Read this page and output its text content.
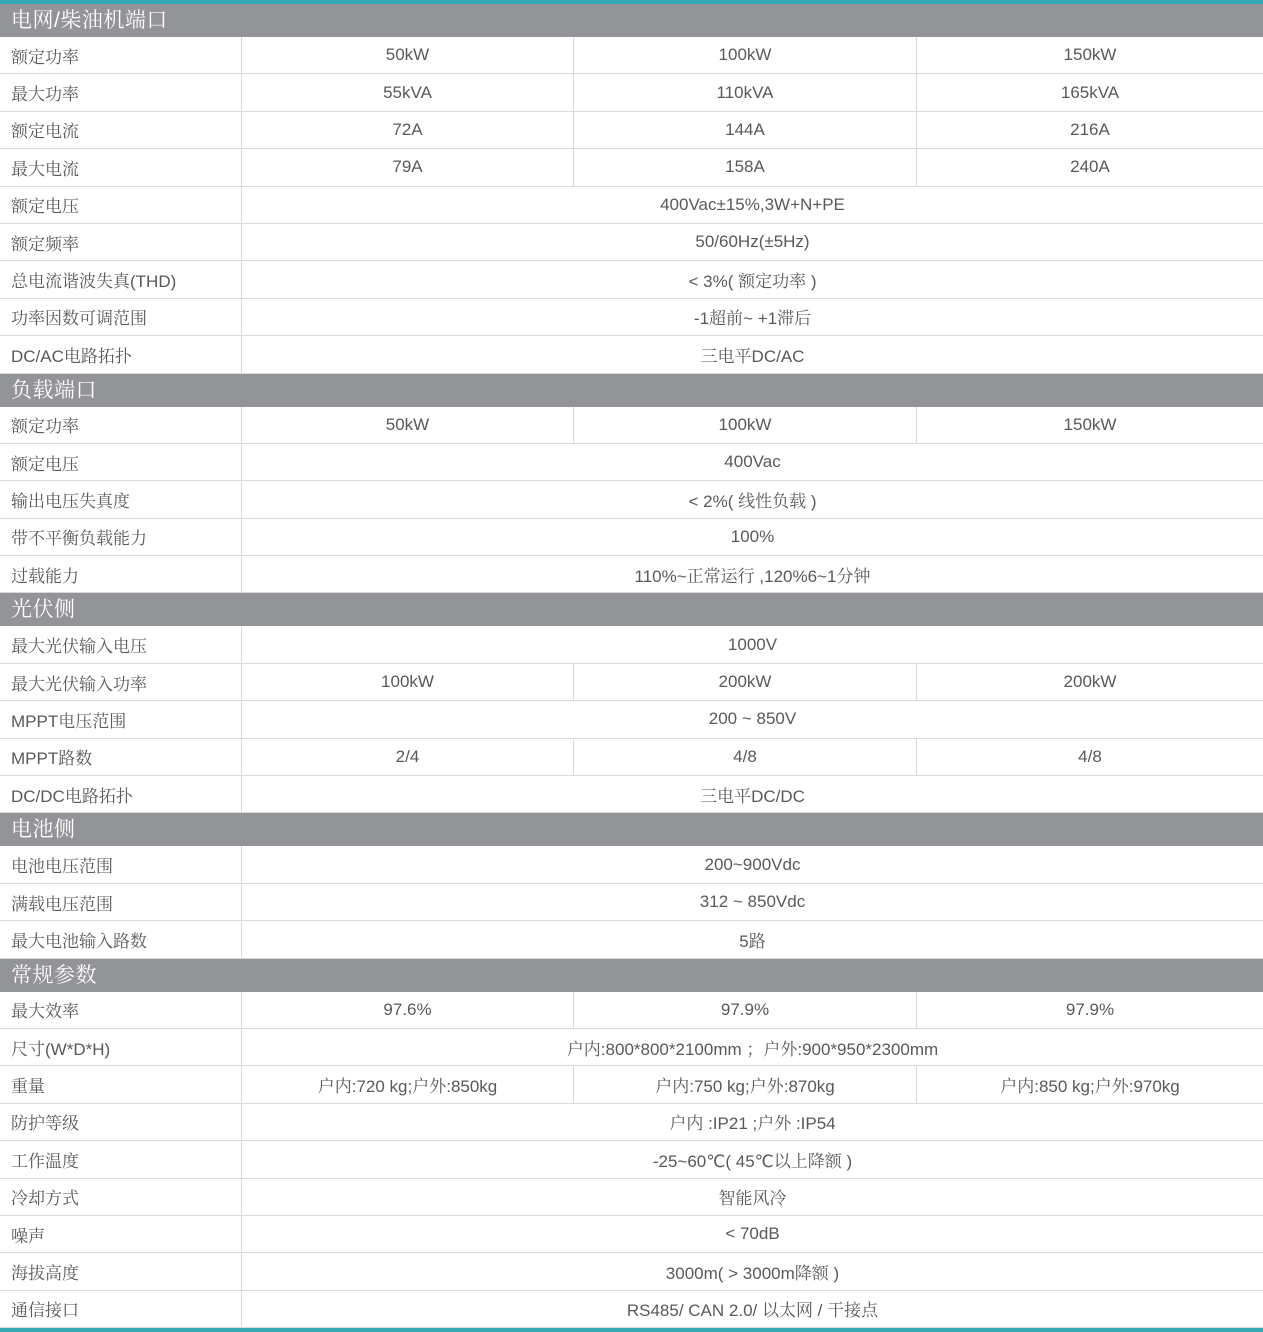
电网/柴油机端口
额定功率	50kW	100kW	150kW
最大功率	55kVA	110kVA	165kVA
额定电流	72A	144A	216A
最大电流	79A	158A	240A
额定电压	400Vac±15%,3W+N+PE
额定频率	50/60Hz(±5Hz)
总电流谐波失真(THD)	< 3%( 额定功率 )
功率因数可调范围	-1超前~ +1滞后
DC/AC电路拓扑	三电平DC/AC
负载端口
额定功率	50kW	100kW	150kW
额定电压	400Vac
输出电压失真度	< 2%( 线性负载 )
带不平衡负载能力	100%
过载能力	110%~正常运行 ,120%6~1分钟
光伏侧
最大光伏输入电压	1000V
最大光伏输入功率	100kW	200kW	200kW
MPPT电压范围	200 ~ 850V
MPPT路数	2/4	4/8	4/8
DC/DC电路拓扑	三电平DC/DC
电池侧
电池电压范围	200~900Vdc
满载电压范围	312 ~ 850Vdc
最大电池输入路数	5路
常规参数
最大效率	97.6%	97.9%	97.9%
尺寸(W*D*H)	户内:800*800*2100mm ；户外:900*950*2300mm
重量	户内:720 kg;户外:850kg	户内:750 kg;户外:870kg	户内:850 kg;户外:970kg
防护等级	户内 :IP21 ;户外 :IP54
工作温度	-25~60℃( 45℃以上降额 )
冷却方式	智能风冷
噪声	< 70dB
海拔高度	3000m( > 3000m降额 )
通信接口	RS485/ CAN 2.0/ 以太网 / 干接点
